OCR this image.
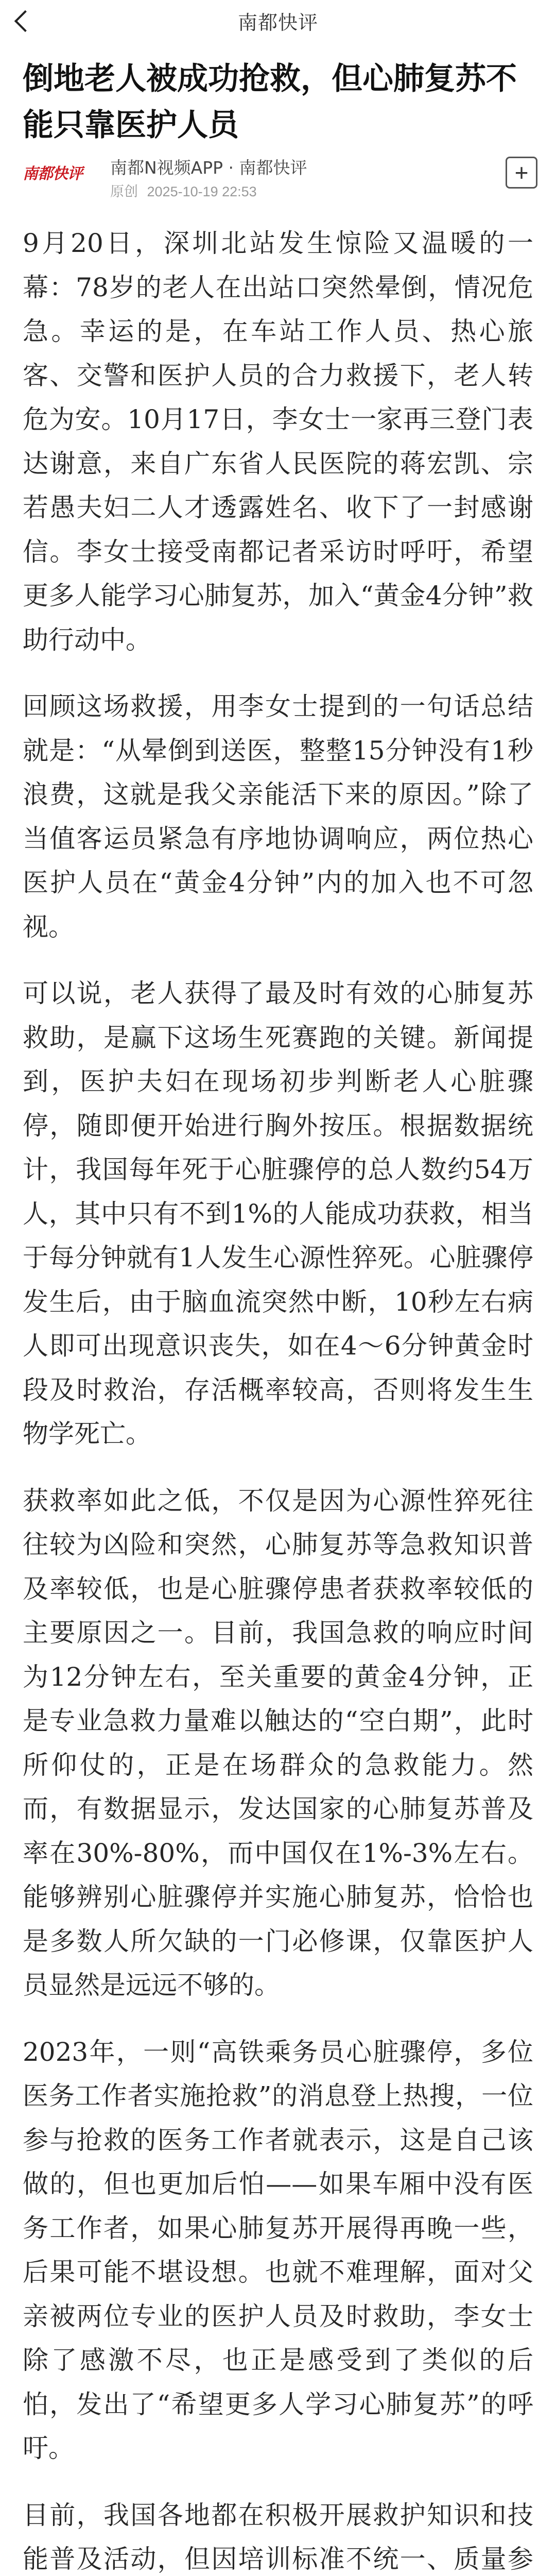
南都快评
倒地老人被成功抢救，但心肺复苏不能只靠医护人员
南都快评	南都N视频APP · 南都快评
原创 2025-10-19 22:53
+

9月20日，深圳北站发生惊险又温暖的一幕：78岁的老人在出站口突然晕倒，情况危急。幸运的是，在车站工作人员、热心旅客、交警和医护人员的合力救援下，老人转危为安。10月17日，李女士一家再三登门表达谢意，来自广东省人民医院的蒋宏凯、宗若愚夫妇二人才透露姓名、收下了一封感谢信。李女士接受南都记者采访时呼吁，希望更多人能学习心肺复苏，加入“黄金4分钟”救助行动中。

回顾这场救援，用李女士提到的一句话总结就是：“从晕倒到送医，整整15分钟没有1秒浪费，这就是我父亲能活下来的原因。”除了当值客运员紧急有序地协调响应，两位热心医护人员在“黄金4分钟”内的加入也不可忽视。

可以说，老人获得了最及时有效的心肺复苏救助，是赢下这场生死赛跑的关键。新闻提到，医护夫妇在现场初步判断老人心脏骤停，随即便开始进行胸外按压。根据数据统计，我国每年死于心脏骤停的总人数约54万人，其中只有不到1%的人能成功获救，相当于每分钟就有1人发生心源性猝死。心脏骤停发生后，由于脑血流突然中断，10秒左右病人即可出现意识丧失，如在4～6分钟黄金时段及时救治，存活概率较高，否则将发生生物学死亡。

获救率如此之低，不仅是因为心源性猝死往往较为凶险和突然，心肺复苏等急救知识普及率较低，也是心脏骤停患者获救率较低的主要原因之一。目前，我国急救的响应时间为12分钟左右，至关重要的黄金4分钟，正是专业急救力量难以触达的“空白期”，此时所仰仗的，正是在场群众的急救能力。然而，有数据显示，发达国家的心肺复苏普及率在30%-80%，而中国仅在1%-3%左右。能够辨别心脏骤停并实施心肺复苏，恰恰也是多数人所欠缺的一门必修课，仅靠医护人员显然是远远不够的。

2023年，一则“高铁乘务员心脏骤停，多位医务工作者实施抢救”的消息登上热搜，一位参与抢救的医务工作者就表示，这是自己该做的，但也更加后怕——如果车厢中没有医务工作者，如果心肺复苏开展得再晚一些，后果可能不堪设想。也就不难理解，面对父亲被两位专业的医护人员及时救助，李女士除了感激不尽，也正是感受到了类似的后怕，发出了“希望更多人学习心肺复苏”的呼吁。

目前，我国各地都在积极开展救护知识和技能普及活动，但因培训标准不统一、质量参
